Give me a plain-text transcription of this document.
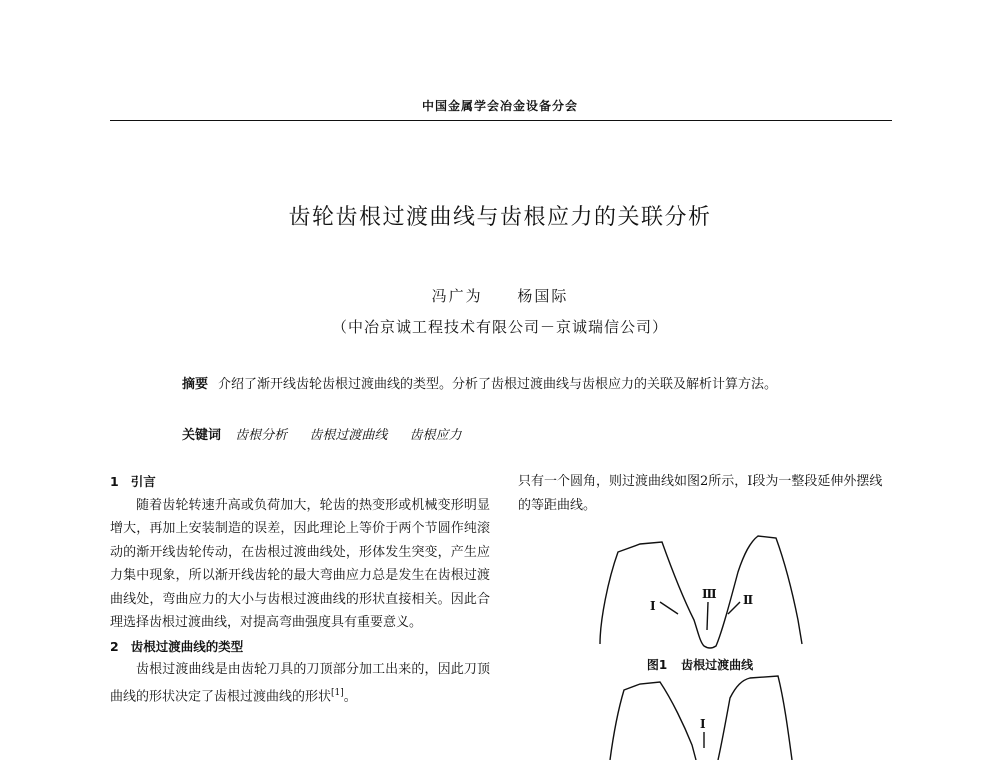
中国金属学会冶金设备分会
齿轮齿根过渡曲线与齿根应力的关联分析
冯广为 杨国际
（中冶京诚工程技术有限公司－京诚瑞信公司）
摘要 介绍了渐开线齿轮齿根过渡曲线的类型。分析了齿根过渡曲线与齿根应力的关联及解析计算方法。
关键词 齿根分析 齿根过渡曲线 齿根应力

1 引言

随着齿轮转速升高或负荷加大，轮齿的热变形或机械变形明显增大，再加上安装制造的误差，因此理论上等价于两个节圆作纯滚动的渐开线齿轮传动，在齿根过渡曲线处，形体发生突变，产生应力集中现象，所以渐开线齿轮的最大弯曲应力总是发生在齿根过渡曲线处，弯曲应力的大小与齿根过渡曲线的形状直接相关。因此合理选择齿根过渡曲线，对提高弯曲强度具有重要意义。

2 齿根过渡曲线的类型

齿根过渡曲线是由齿轮刀具的刀顶部分加工出来的，因此刀顶曲线的形状决定了齿根过渡曲线的形状[1]。

只有一个圆角，则过渡曲线如图2所示，I段为一整段延伸外摆线的等距曲线。

I
Ⅲ Ⅱ
I
图1 齿根过渡曲线
